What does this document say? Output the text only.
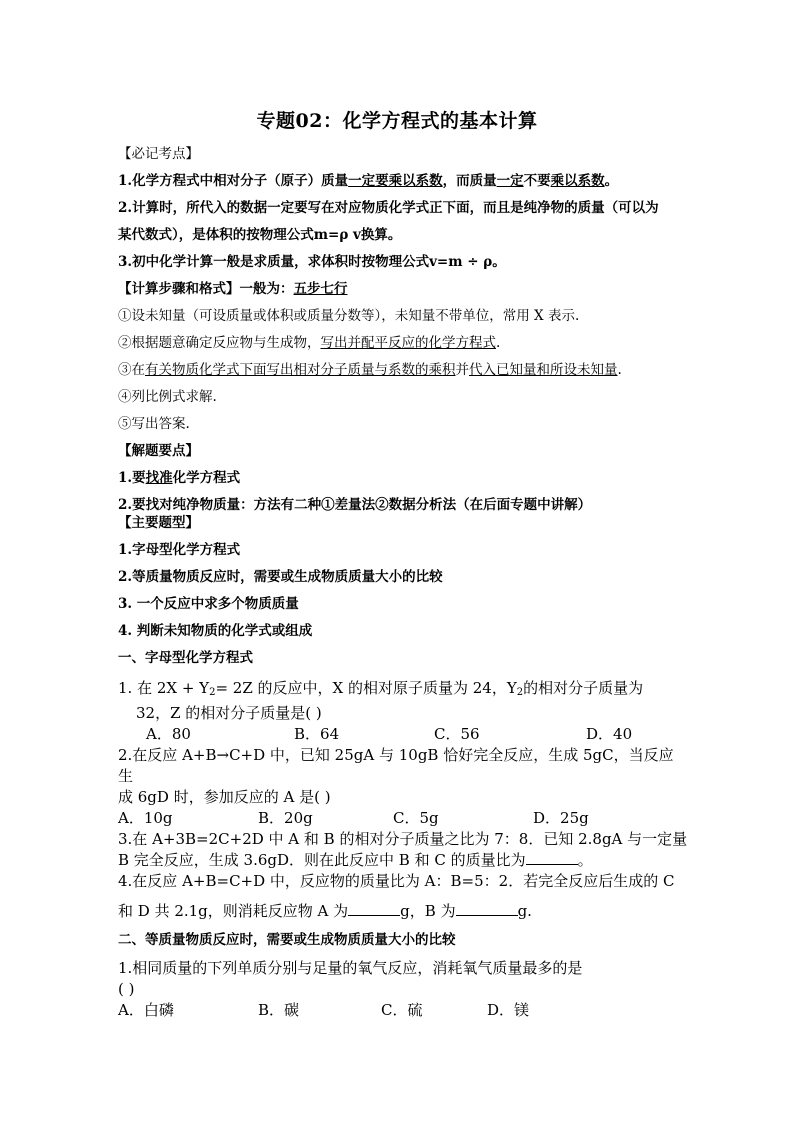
专题02：化学方程式的基本计算
【必记考点】
1.化学方程式中相对分子（原子）质量一定要乘以系数，而质量一定不要乘以系数。
2.计算时，所代入的数据一定要写在对应物质化学式正下面，而且是纯净物的质量（可以为
某代数式），是体积的按物理公式m=ρ v换算。
3.初中化学计算一般是求质量，求体积时按物理公式v=m ÷ ρ。
【计算步骤和格式】一般为：五步七行
①设未知量（可设质量或体积或质量分数等），未知量不带单位，常用 X 表示.
②根据题意确定反应物与生成物，写出并配平反应的化学方程式.
③在有关物质化学式下面写出相对分子质量与系数的乘积并代入已知量和所设未知量.
④列比例式求解.
⑤写出答案.
【解题要点】
1.要找准化学方程式
2.要找对纯净物质量：方法有二种①差量法②数据分析法（在后面专题中讲解）
【主要题型】
1.字母型化学方程式
2.等质量物质反应时，需要或生成物质质量大小的比较
3. 一个反应中求多个物质质量
4. 判断未知物质的化学式或组成
一、字母型化学方程式
1. 在 $2X + Y_2= 2Z$ 的反应中，X 的相对原子质量为 24，$Y_2$的相对分子质量为
32，Z 的相对分子质量是( )
A．80	B．64	C．56	D．40
2.在反应 A+B→C+D 中，已知 25gA 与 10gB 恰好完全反应，生成 5gC，当反应生
成 6gD 时，参加反应的 A 是( )
A．10g	B．20g	C．5g	D．25g
3.在 A+3B=2C+2D 中 A 和 B 的相对分子质量之比为 7：8．已知 2.8gA 与一定量
B 完全反应，生成 3.6gD．则在此反应中 B 和 C 的质量比为	。
4.在反应 A+B=C+D 中，反应物的质量比为 A：B=5：2．若完全反应后生成的 C
和 D 共 2.1g，则消耗反应物 A 为	g，B 为	g.
二、等质量物质反应时，需要或生成物质质量大小的比较
1.相同质量的下列单质分别与足量的氧气反应，消耗氧气质量最多的是
( )
A．白磷	B．碳	C．硫	D．镁
